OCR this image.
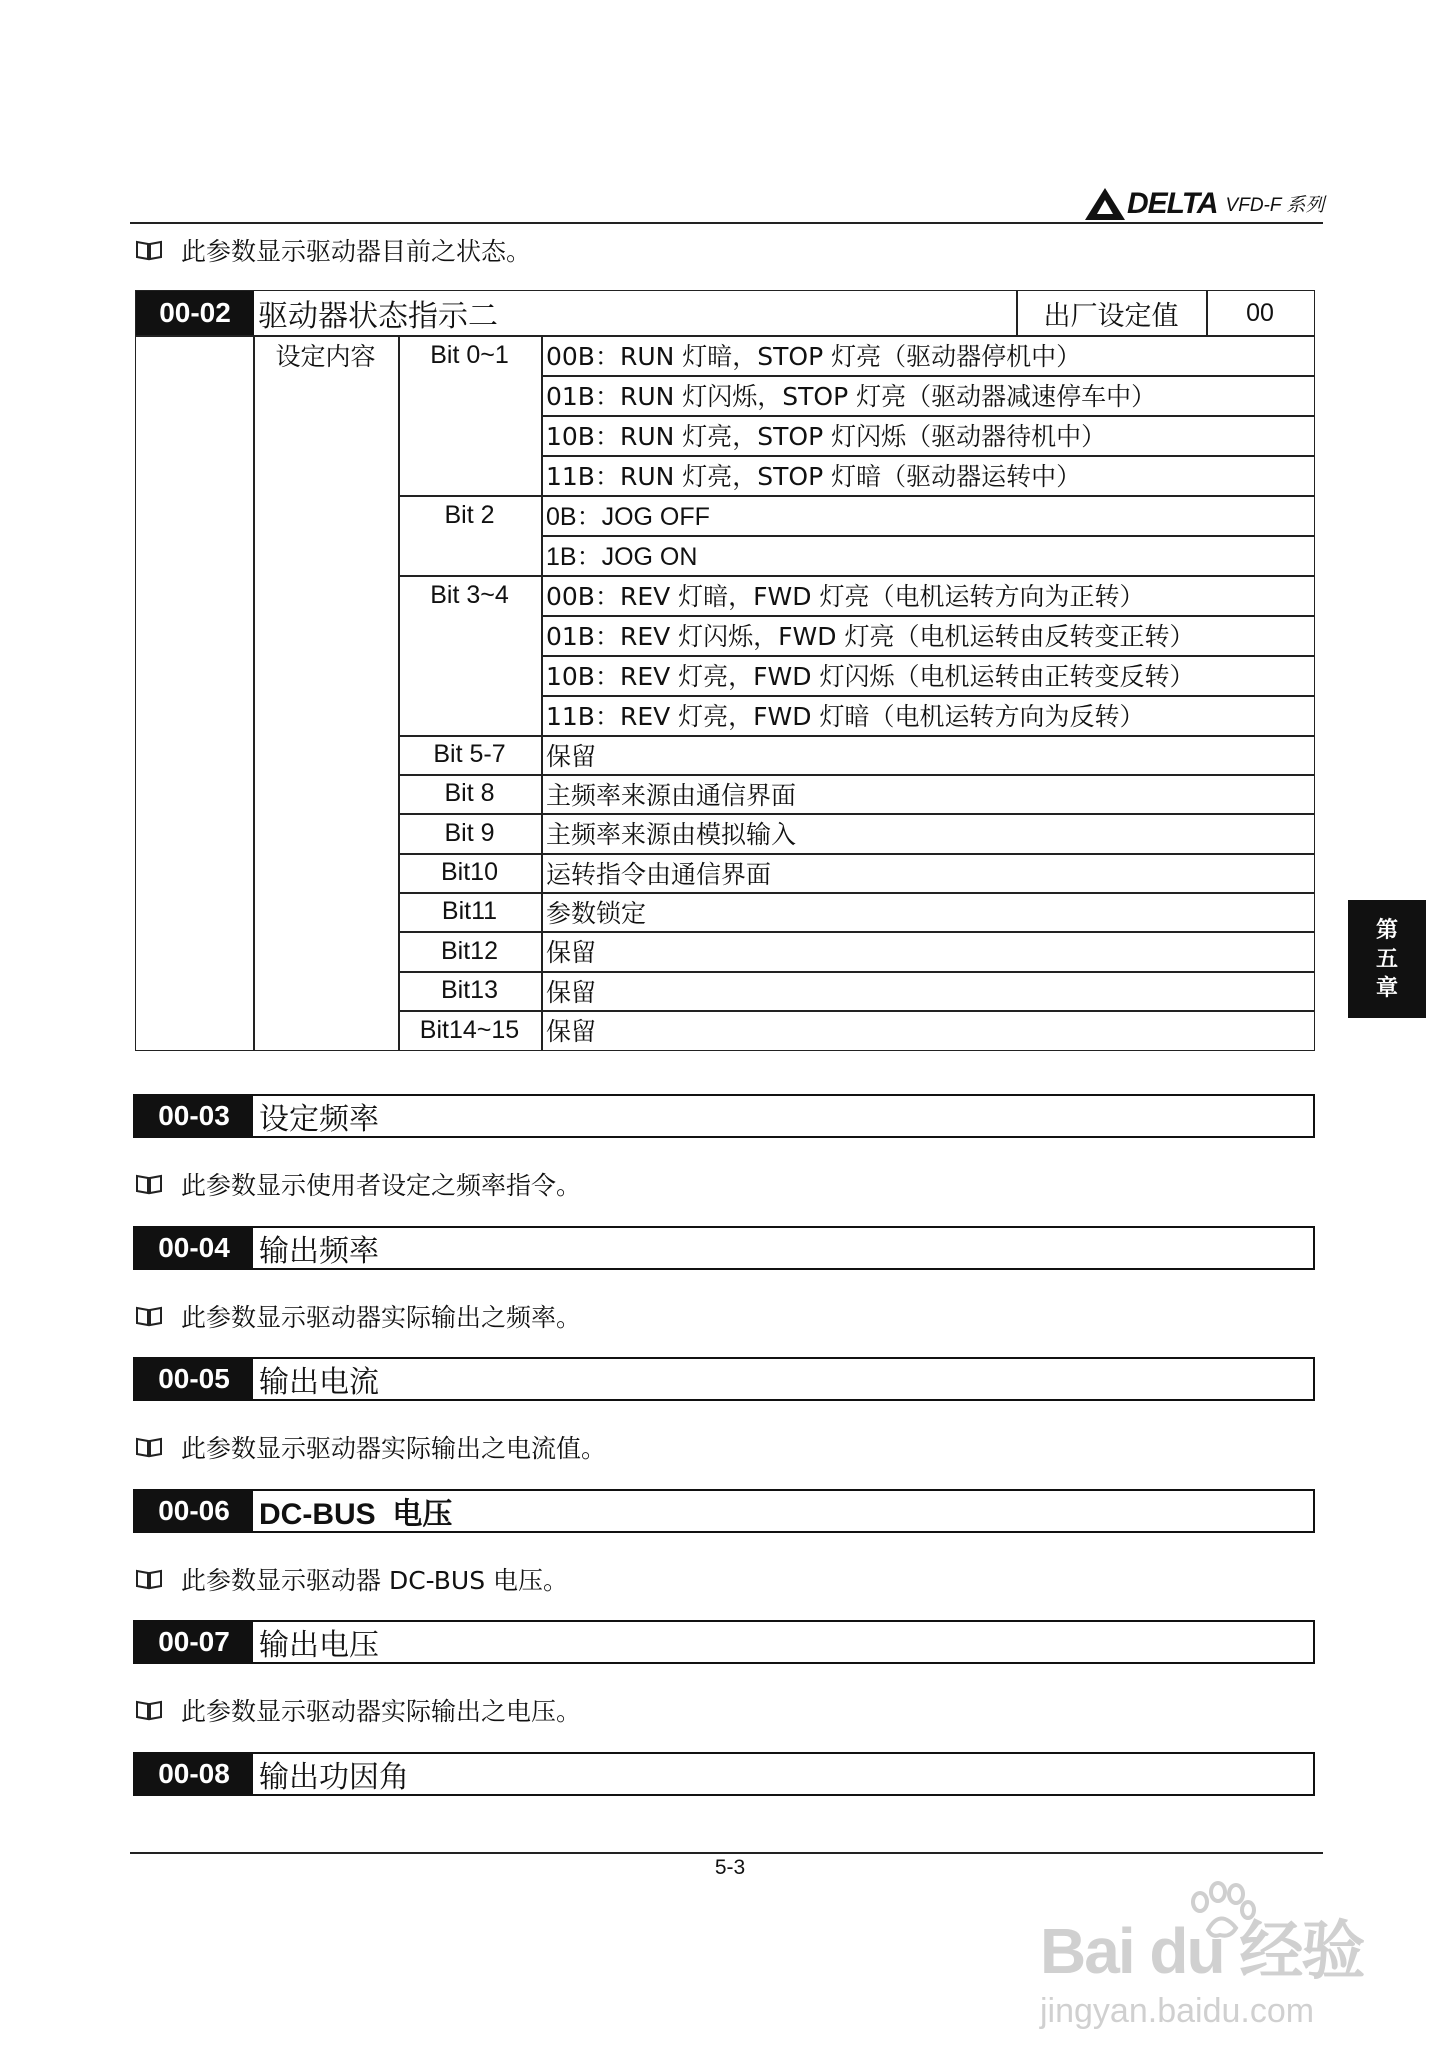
DELTA VFD-F 系列
此参数显示驱动器目前之状态。
00-02 驱动器状态指示二	出厂设定值	00
设定内容	Bit 0~1	00B：RUN 灯暗，STOP 灯亮（驱动器停机中）
01B：RUN 灯闪烁，STOP 灯亮（驱动器减速停车中）
10B：RUN 灯亮，STOP 灯闪烁（驱动器待机中）
11B：RUN 灯亮，STOP 灯暗（驱动器运转中）
Bit 2	0B：JOG OFF
1B：JOG ON
Bit 3~4	00B：REV 灯暗，FWD 灯亮（电机运转方向为正转）
01B：REV 灯闪烁，FWD 灯亮（电机运转由反转变正转）
10B：REV 灯亮，FWD 灯闪烁（电机运转由正转变反转）
11B：REV 灯亮，FWD 灯暗（电机运转方向为反转）
Bit 5-7	保留
Bit 8	主频率来源由通信界面
Bit 9	主频率来源由模拟输入
Bit10	运转指令由通信界面
Bit11	参数锁定
Bit12	保留
Bit13	保留
Bit14~15	保留
00-03 设定频率
此参数显示使用者设定之频率指令。
00-04 输出频率
此参数显示驱动器实际输出之频率。
00-05 输出电流
此参数显示驱动器实际输出之电流值。
00-06 DC-BUS  电压
此参数显示驱动器 DC-BUS 电压。
00-07 输出电压
此参数显示驱动器实际输出之电压。
00-08 输出功因角
第
五
章
5-3
Bai du 经验
jingyan.baidu.com
